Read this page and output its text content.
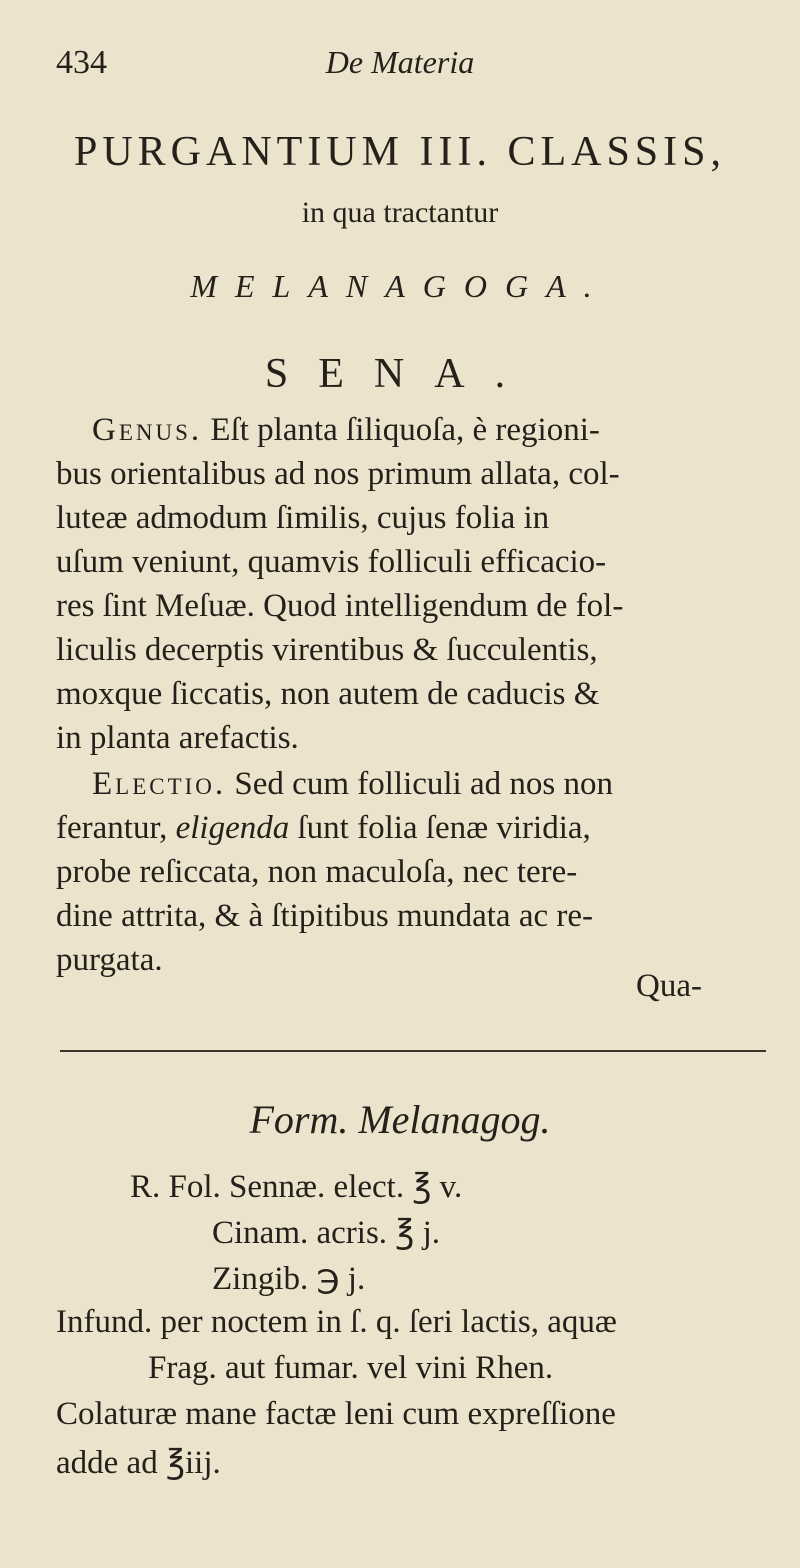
434	De Materia
PURGANTIUM III. CLASSIS,
in qua tractantur
MELANAGOGA.
SENA.
Genus. Eſt planta ſiliquoſa, è regioni-
bus orientalibus ad nos primum allata, col-
luteæ admodum ſimilis, cujus folia in
uſum veniunt, quamvis folliculi efficacio-
res ſint Meſuæ. Quod intelligendum de fol-
liculis decerptis virentibus & ſucculentis,
moxque ſiccatis, non autem de caducis &
in planta arefactis.
Electio. Sed cum folliculi ad nos non
ferantur, eligenda ſunt folia ſenæ viridia,
probe reſiccata, non maculoſa, nec tere-
dine attrita, & à ſtipitibus mundata ac re-
purgata.
Qua-
Form. Melanagog.
R. Fol. Sennæ. elect. ℥ v.
Cinam. acris. ℥ j.
Zingib. ℈ j.
Infund. per noctem in ſ. q. ſeri lactis, aquæ
Frag. aut fumar. vel vini Rhen.
Colaturæ mane factæ leni cum expreſſione
adde ad ℥iij.
